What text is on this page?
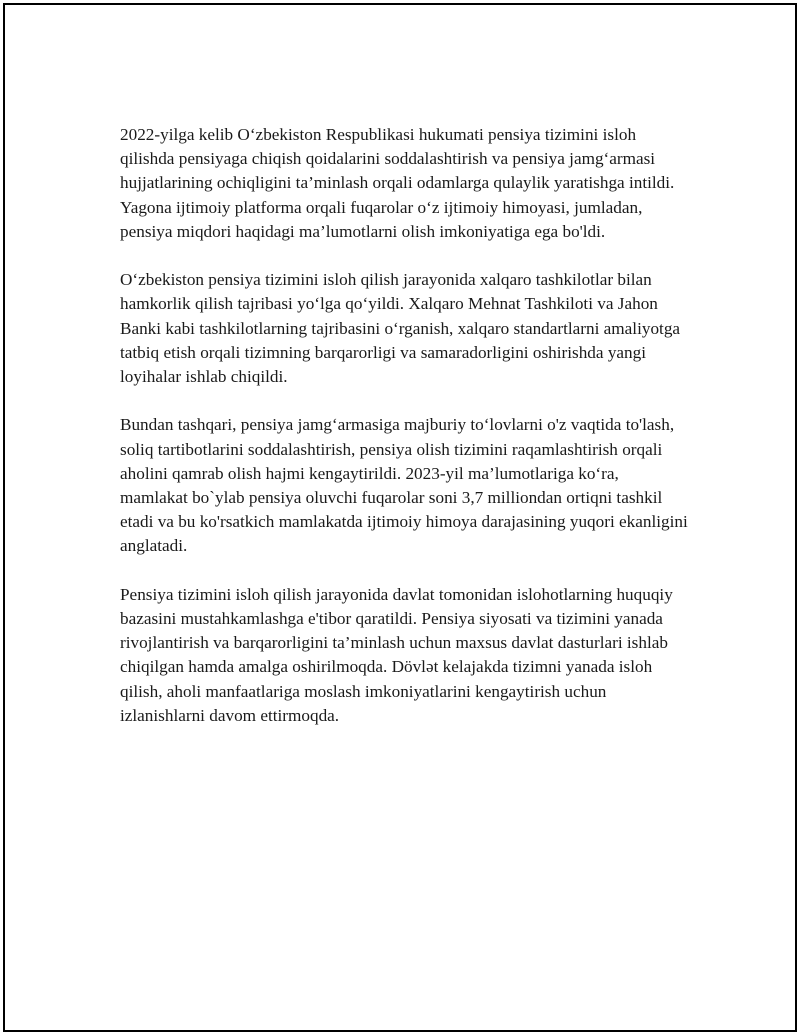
2022-yilga kelib O‘zbekiston Respublikasi hukumati pensiya tizimini isloh qilishda pensiyaga chiqish qoidalarini soddalashtirish va pensiya jamg‘armasi hujjatlarining ochiqligini ta’minlash orqali odamlarga qulaylik yaratishga intildi. Yagona ijtimoiy platforma orqali fuqarolar o‘z ijtimoiy himoyasi, jumladan, pensiya miqdori haqidagi ma’lumotlarni olish imkoniyatiga ega bo'ldi.

O‘zbekiston pensiya tizimini isloh qilish jarayonida xalqaro tashkilotlar bilan hamkorlik qilish tajribasi yo‘lga qo‘yildi. Xalqaro Mehnat Tashkiloti va Jahon Banki kabi tashkilotlarning tajribasini o‘rganish, xalqaro standartlarni amaliyotga tatbiq etish orqali tizimning barqarorligi va samaradorligini oshirishda yangi loyihalar ishlab chiqildi.

Bundan tashqari, pensiya jamg‘armasiga majburiy to‘lovlarni o'z vaqtida to'lash, soliq tartibotlarini soddalashtirish, pensiya olish tizimini raqamlashtirish orqali aholini qamrab olish hajmi kengaytirildi. 2023-yil ma’lumotlariga ko‘ra, mamlakat bo`ylab pensiya oluvchi fuqarolar soni 3,7 milliondan ortiqni tashkil etadi va bu ko'rsatkich mamlakatda ijtimoiy himoya darajasining yuqori ekanligini anglatadi.

Pensiya tizimini isloh qilish jarayonida davlat tomonidan islohotlarning huquqiy bazasini mustahkamlashga e'tibor qaratildi. Pensiya siyosati va tizimini yanada rivojlantirish va barqarorligini ta’minlash uchun maxsus davlat dasturlari ishlab chiqilgan hamda amalga oshirilmoqda. Dövlət kelajakda tizimni yanada isloh qilish, aholi manfaatlariga moslash imkoniyatlarini kengaytirish uchun izlanishlarni davom ettirmoqda.
